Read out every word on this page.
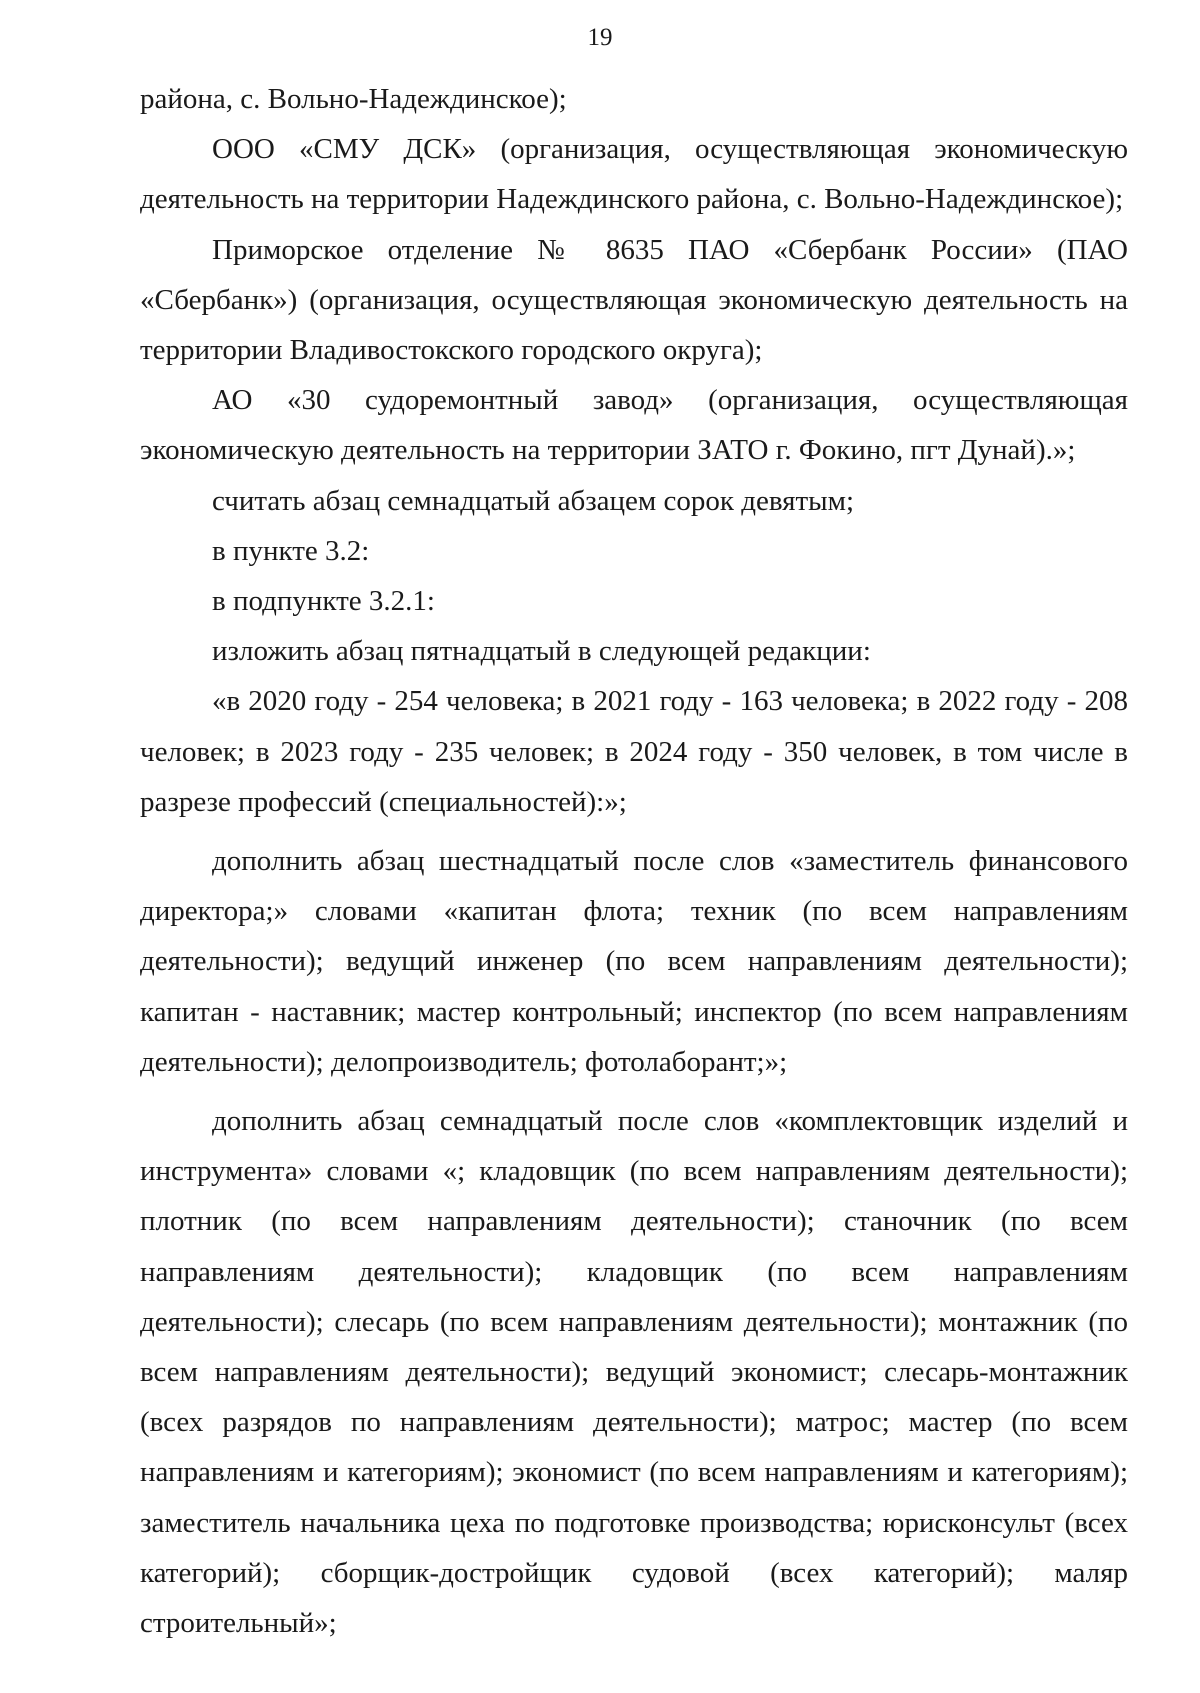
19

района, с. Вольно-Надеждинское);

ООО «СМУ ДСК» (организация, осуществляющая экономическую деятельность на территории Надеждинского района, с. Вольно-Надеждинское);

Приморское отделение № 8635 ПАО «Сбербанк России» (ПАО «Сбербанк») (организация, осуществляющая экономическую деятельность на территории Владивостокского городского округа);

АО «30 судоремонтный завод» (организация, осуществляющая экономическую деятельность на территории ЗАТО г. Фокино, пгт Дунай).»;

считать абзац семнадцатый абзацем сорок девятым;

в пункте 3.2:

в подпункте 3.2.1:

изложить абзац пятнадцатый в следующей редакции:

«в 2020 году - 254 человека; в 2021 году - 163 человека; в 2022 году - 208 человек; в 2023 году - 235 человек; в 2024 году - 350 человек, в том числе в разрезе профессий (специальностей):»;

дополнить абзац шестнадцатый после слов «заместитель финансового директора;» словами «капитан флота; техник (по всем направлениям деятельности); ведущий инженер (по всем направлениям деятельности); капитан - наставник; мастер контрольный; инспектор (по всем направлениям деятельности); делопроизводитель; фотолаборант;»;

дополнить абзац семнадцатый после слов «комплектовщик изделий и инструмента» словами «; кладовщик (по всем направлениям деятельности); плотник (по всем направлениям деятельности); станочник (по всем направлениям деятельности); кладовщик (по всем направлениям деятельности); слесарь (по всем направлениям деятельности); монтажник (по всем направлениям деятельности); ведущий экономист; слесарь-монтажник (всех разрядов по направлениям деятельности); матрос; мастер (по всем направлениям и категориям); экономист (по всем направлениям и категориям); заместитель начальника цеха по подготовке производства; юрисконсульт (всех категорий); сборщик-достройщик судовой (всех категорий); маляр строительный»;
